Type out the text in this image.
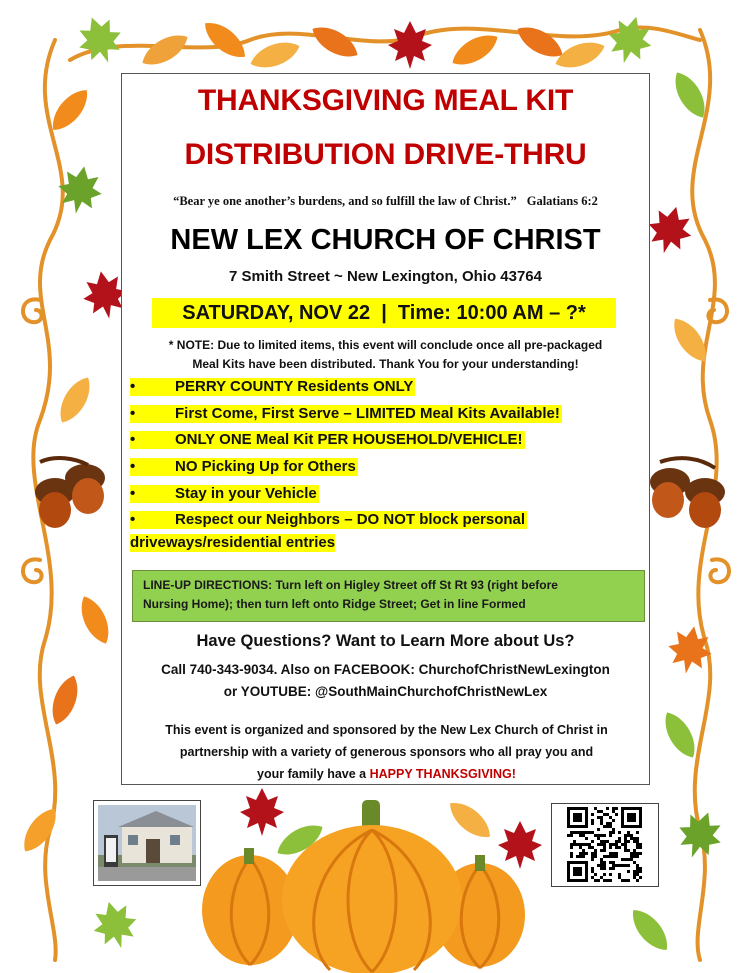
THANKSGIVING MEAL KIT
DISTRIBUTION DRIVE-THRU
“Bear ye one another’s burdens, and so fulfill the law of Christ.” Galatians 6:2
NEW LEX CHURCH OF CHRIST
7 Smith Street ~ New Lexington, Ohio 43764
SATURDAY, NOV 22  |  Time: 10:00 AM – ?*
* NOTE: Due to limited items, this event will conclude once all pre-packaged
Meal Kits have been distributed. Thank You for your understanding!
•	PERRY COUNTY Residents ONLY
•	First Come, First Serve – LIMITED Meal Kits Available!
•	ONLY ONE Meal Kit PER HOUSEHOLD/VEHICLE!
•	NO Picking Up for Others
•	Stay in your Vehicle
•	Respect our Neighbors – DO NOT block personal
driveways/residential entries
LINE-UP DIRECTIONS: Turn left on Higley Street off St Rt 93 (right before
Nursing Home); then turn left onto Ridge Street; Get in line Formed
Have Questions? Want to Learn More about Us?
Call 740-343-9034. Also on FACEBOOK: ChurchofChristNewLexington
or YOUTUBE: @SouthMainChurchofChristNewLex
This event is organized and sponsored by the New Lex Church of Christ in
partnership with a variety of generous sponsors who all pray you and
your family have a HAPPY THANKSGIVING!
